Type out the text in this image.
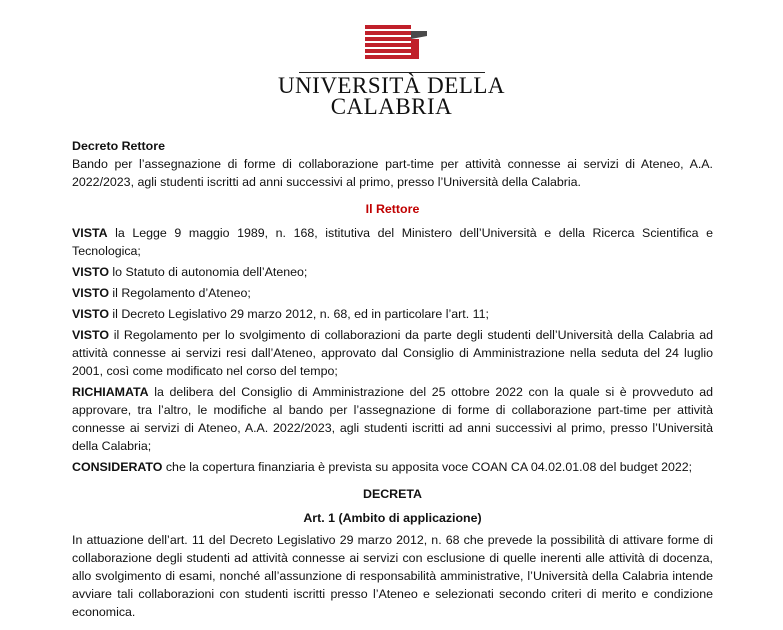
UNIVERSITÀ DELLA
CALABRIA

Decreto Rettore

Bando per l’assegnazione di forme di collaborazione part-time per attività connesse ai servizi di Ateneo, A.A. 2022/2023, agli studenti iscritti ad anni successivi al primo, presso l’Università della Calabria.

Il Rettore

VISTA la Legge 9 maggio 1989, n. 168, istitutiva del Ministero dell’Università e della Ricerca Scientifica e Tecnologica;

VISTO lo Statuto di autonomia dell’Ateneo;

VISTO il Regolamento d’Ateneo;

VISTO il Decreto Legislativo 29 marzo 2012, n. 68, ed in particolare l’art. 11;

VISTO il Regolamento per lo svolgimento di collaborazioni da parte degli studenti dell’Università della Calabria ad attività connesse ai servizi resi dall’Ateneo, approvato dal Consiglio di Amministrazione nella seduta del 24 luglio 2001, così come modificato nel corso del tempo;

RICHIAMATA la delibera del Consiglio di Amministrazione del 25 ottobre 2022 con la quale si è provveduto ad approvare, tra l’altro, le modifiche al bando per l’assegnazione di forme di collaborazione part-time per attività connesse ai servizi di Ateneo, A.A. 2022/2023, agli studenti iscritti ad anni successivi al primo, presso l’Università della Calabria;

CONSIDERATO che la copertura finanziaria è prevista su apposita voce COAN CA 04.02.01.08 del budget 2022;

DECRETA

Art. 1 (Ambito di applicazione)

In attuazione dell’art. 11 del Decreto Legislativo 29 marzo 2012, n. 68 che prevede la possibilità di attivare forme di collaborazione degli studenti ad attività connesse ai servizi con esclusione di quelle inerenti alle attività di docenza, allo svolgimento di esami, nonché all’assunzione di responsabilità amministrative, l’Università della Calabria intende avviare tali collaborazioni con studenti iscritti presso l’Ateneo e selezionati secondo criteri di merito e condizione economica.
